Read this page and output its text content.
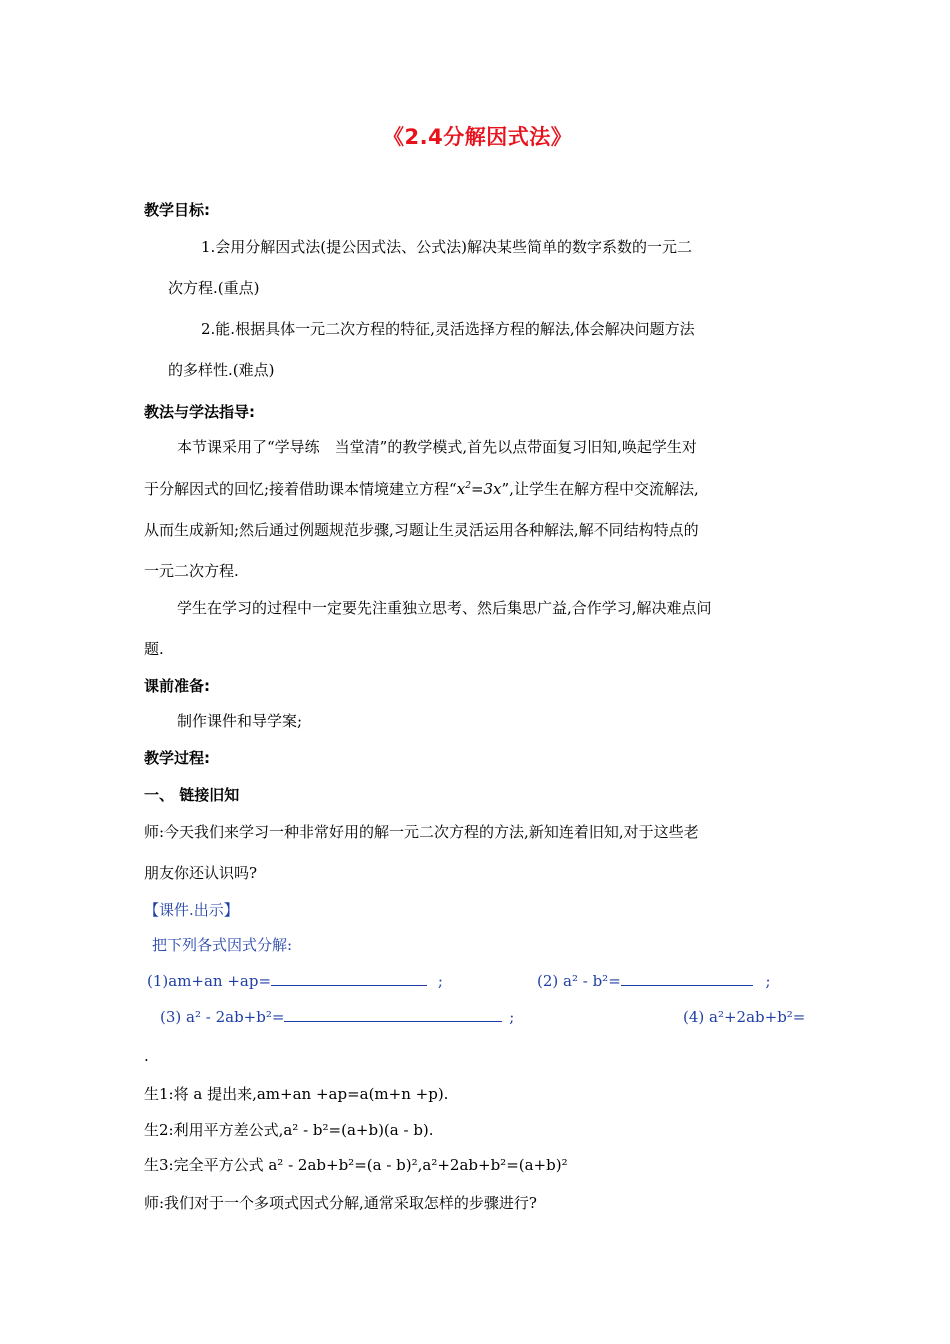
《2.4分解因式法》
教学目标:
1.会用分解因式法(提公因式法、公式法)解决某些简单的数字系数的一元二
次方程.(重点)
2.能.根据具体一元二次方程的特征,灵活选择方程的解法,体会解决问题方法
的多样性.(难点)
教法与学法指导:
本节课采用了“学导练　当堂清”的教学模式,首先以点带面复习旧知,唤起学生对
于分解因式的回忆;接着借助课本情境建立方程“$x^2=3x$”,让学生在解方程中交流解法,
从而生成新知;然后通过例题规范步骤,习题让生灵活运用各种解法,解不同结构特点的
一元二次方程.
学生在学习的过程中一定要先注重独立思考、然后集思广益,合作学习,解决难点问
题.
课前准备:
制作课件和导学案;
教学过程:
一、 链接旧知
师:今天我们来学习一种非常好用的解一元二次方程的方法,新知连着旧知,对于这些老
朋友你还认识吗?
【课件.出示】
把下列各式因式分解:
(1)am+an +ap=	;	(2) a² - b²=	;
(3) a² - 2ab+b²=	;	(4) a²+2ab+b²=
.
生1:将 a 提出来,am+an +ap=a(m+n +p).
生2:利用平方差公式,a² - b²=(a+b)(a - b).
生3:完全平方公式 a² - 2ab+b²=(a - b)²,a²+2ab+b²=(a+b)²
师:我们对于一个多项式因式分解,通常采取怎样的步骤进行?
